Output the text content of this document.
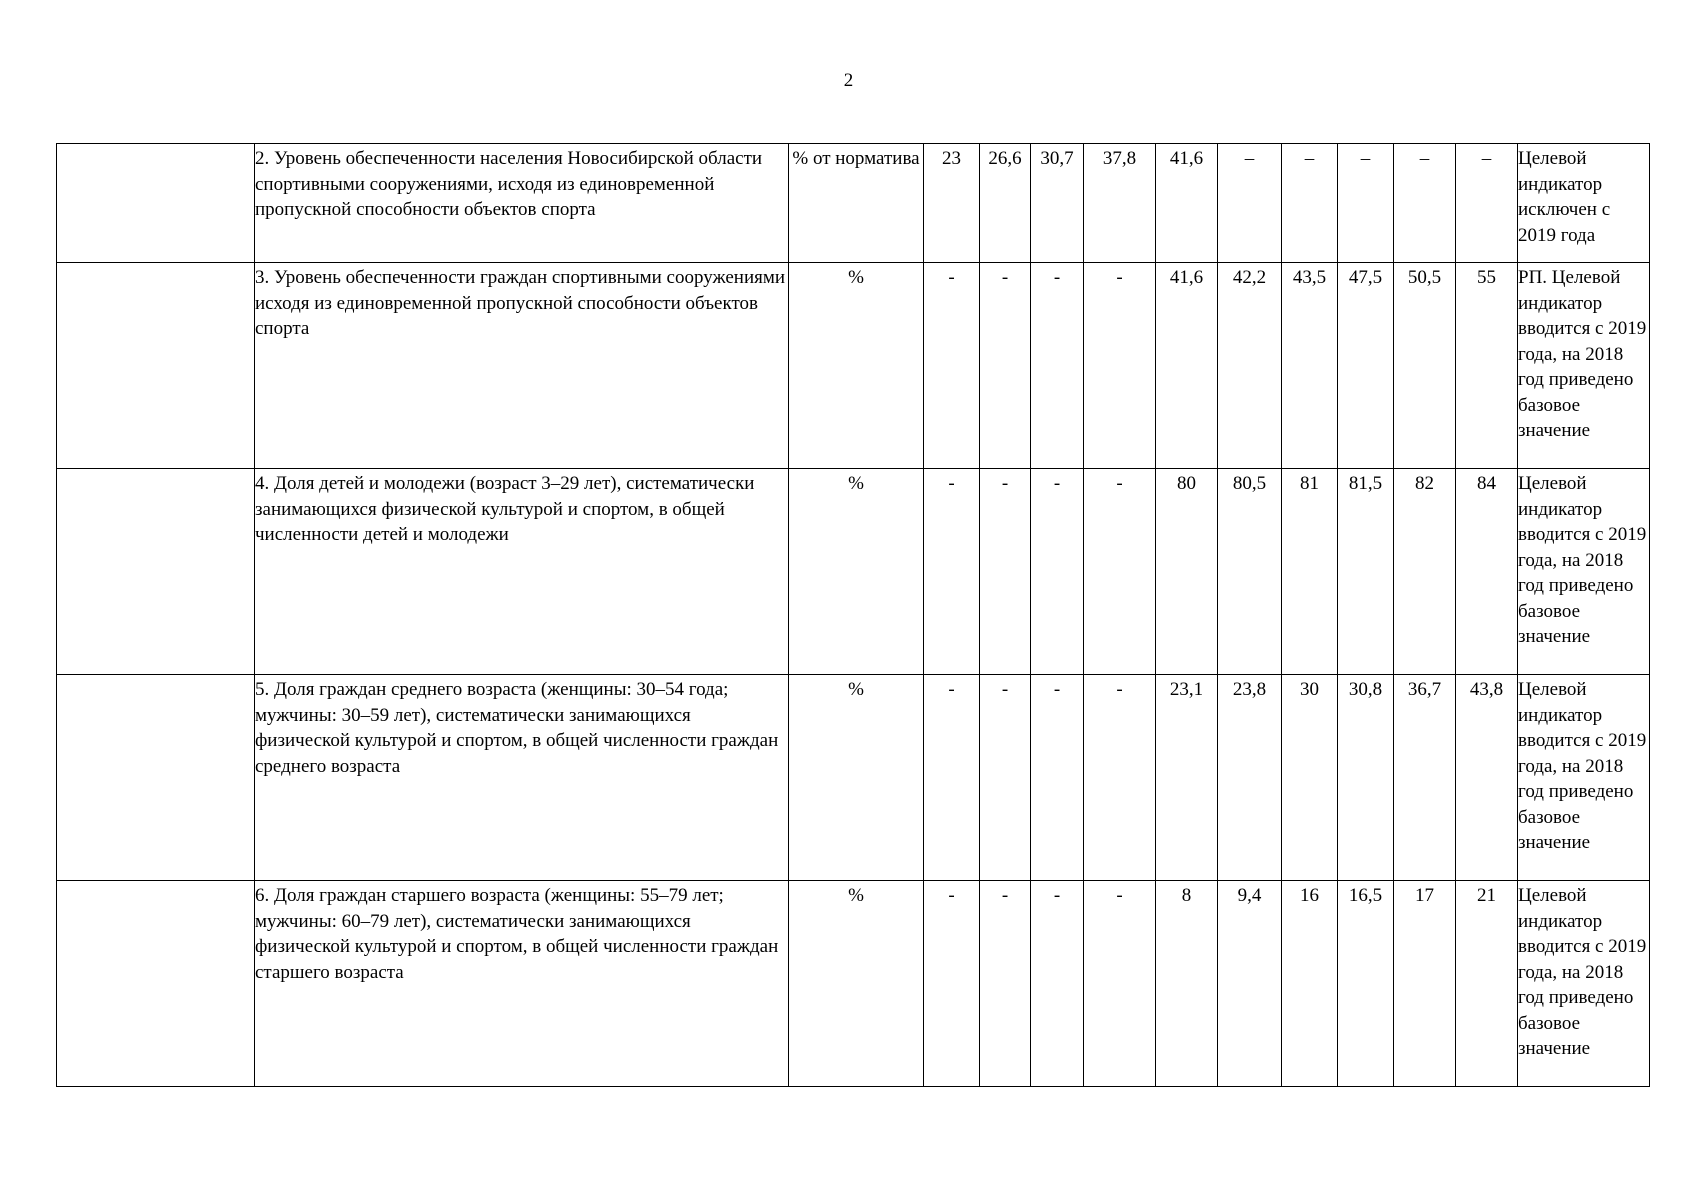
2

	2. Уровень обеспеченности населения Новосибирской области спортивными сооружениями, исходя из единовременной пропускной способности объектов спорта	% от норматива	23	26,6	30,7	37,8	41,6	–	–	–	–	–	Целевой индикатор исключен с 2019 года

	3. Уровень обеспеченности граждан спортивными сооружениями исходя из единовременной пропускной способности объектов спорта	%	-	-	-	-	41,6	42,2	43,5	47,5	50,5	55	РП. Целевой индикатор вводится с 2019 года, на 2018 год приведено базовое значение

	4. Доля детей и молодежи (возраст 3–29 лет), систематически занимающихся физической культурой и спортом, в общей численности детей и молодежи	%	-	-	-	-	80	80,5	81	81,5	82	84	Целевой индикатор вводится с 2019 года, на 2018 год приведено базовое значение

	5. Доля граждан среднего возраста (женщины: 30–54 года; мужчины: 30–59 лет), систематически занимающихся физической культурой и спортом, в общей численности граждан среднего возраста	%	-	-	-	-	23,1	23,8	30	30,8	36,7	43,8	Целевой индикатор вводится с 2019 года, на 2018 год приведено базовое значение

	6. Доля граждан старшего возраста (женщины: 55–79 лет; мужчины: 60–79 лет), систематически занимающихся физической культурой и спортом, в общей численности граждан старшего возраста	%	-	-	-	-	8	9,4	16	16,5	17	21	Целевой индикатор вводится с 2019 года, на 2018 год приведено базовое значение
